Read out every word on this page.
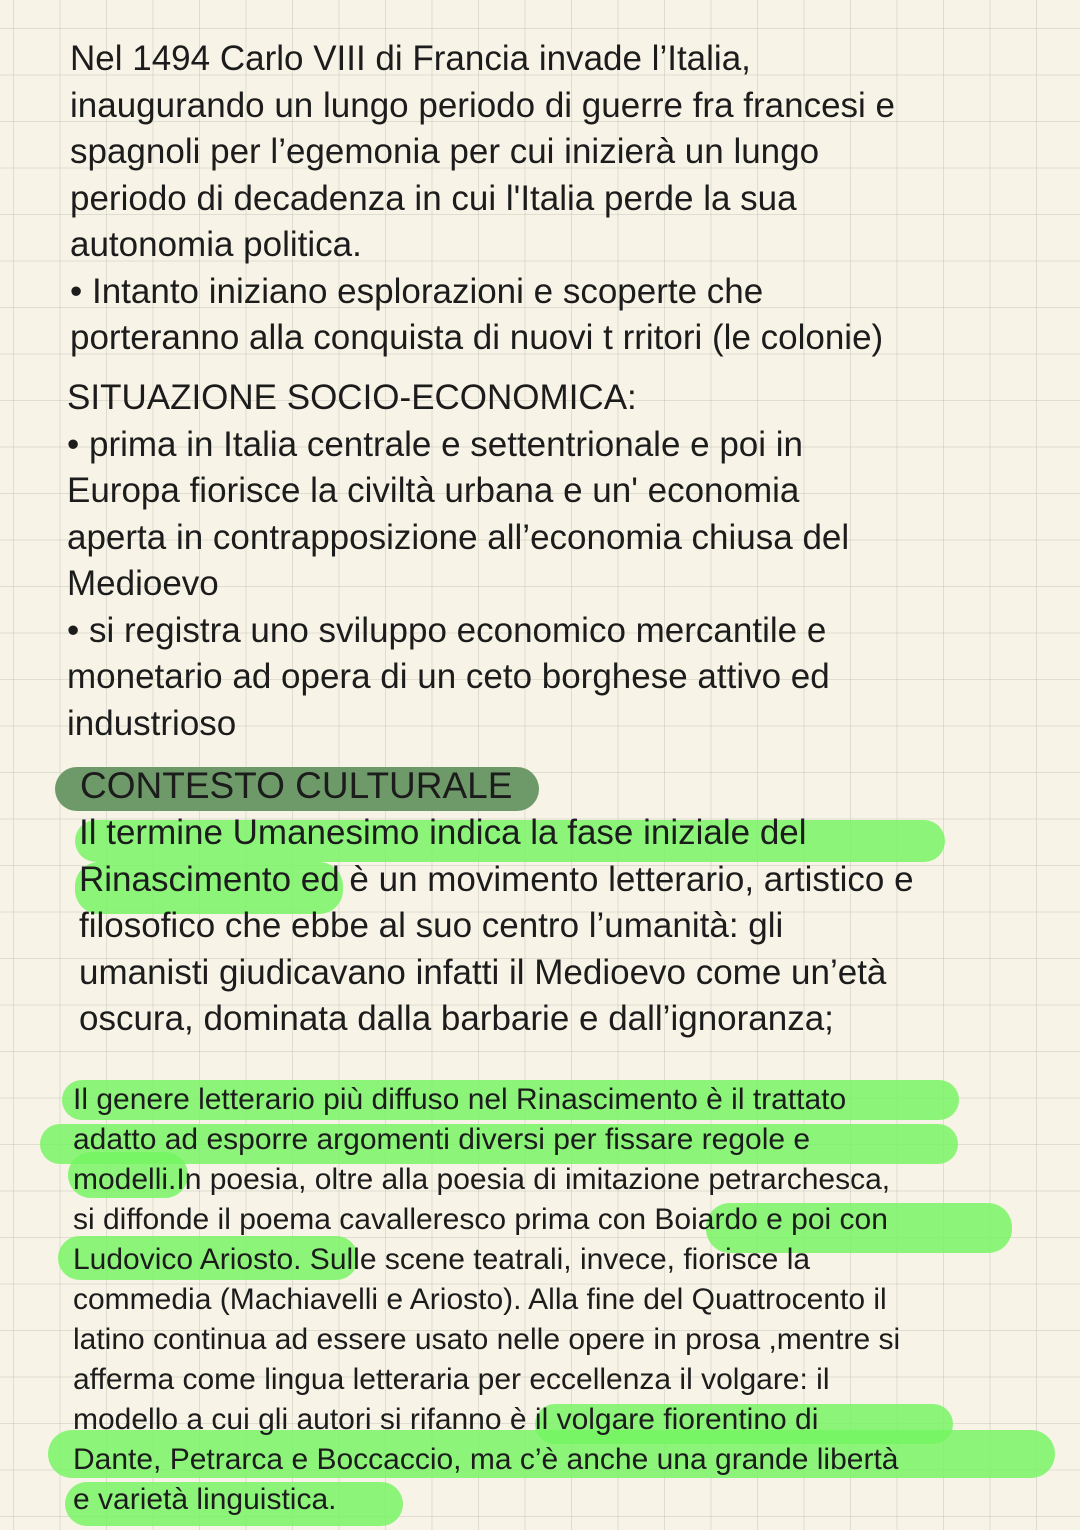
Nel 1494 Carlo VIII di Francia invade l’Italia,
inaugurando un lungo periodo di guerre fra francesi e
spagnoli per l’egemonia per cui inizierà un lungo
periodo di decadenza in cui l'Italia perde la sua
autonomia politica.
• Intanto iniziano esplorazioni e scoperte che
porteranno alla conquista di nuovi t rritori (le colonie)
SITUAZIONE SOCIO-ECONOMICA:
• prima in Italia centrale e settentrionale e poi in
Europa fiorisce la civiltà urbana e un' economia
aperta in contrapposizione all’economia chiusa del
Medioevo
• si registra uno sviluppo economico mercantile e
monetario ad opera di un ceto borghese attivo ed
industrioso
CONTESTO CULTURALE
Il termine Umanesimo indica la fase iniziale del
Rinascimento ed è un movimento letterario, artistico e
filosofico che ebbe al suo centro l’umanità: gli
umanisti giudicavano infatti il Medioevo come un’età
oscura, dominata dalla barbarie e dall’ignoranza;
Il genere letterario più diffuso nel Rinascimento è il trattato
adatto ad esporre argomenti diversi per fissare regole e
modelli.In poesia, oltre alla poesia di imitazione petrarchesca,
si diffonde il poema cavalleresco prima con Boiardo e poi con
Ludovico Ariosto. Sulle scene teatrali, invece, fiorisce la
commedia (Machiavelli e Ariosto). Alla fine del Quattrocento il
latino continua ad essere usato nelle opere in prosa ,mentre si
afferma come lingua letteraria per eccellenza il volgare: il
modello a cui gli autori si rifanno è il volgare fiorentino di
Dante, Petrarca e Boccaccio, ma c’è anche una grande libertà
e varietà linguistica.
